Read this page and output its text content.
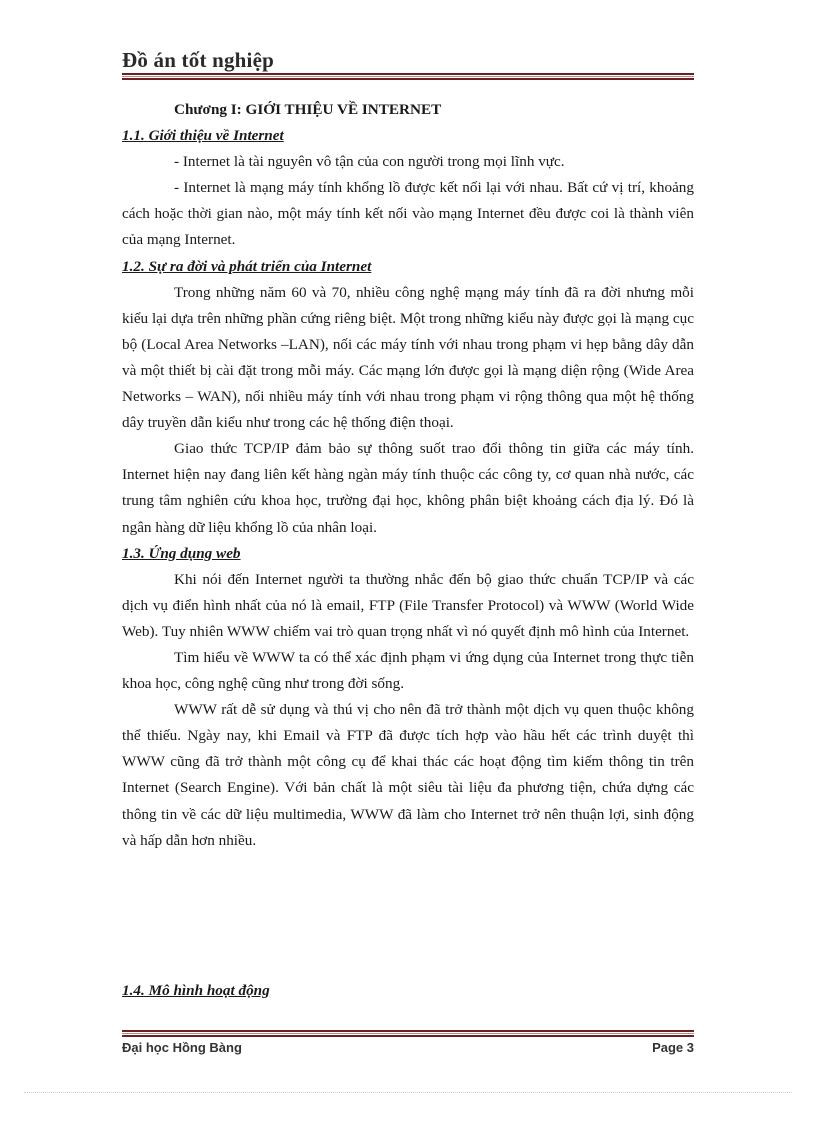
Đồ án tốt nghiệp

Chương I: GIỚI THIỆU VỀ INTERNET

1.1. Giới thiệu về Internet

- Internet là tài nguyên vô tận của con người trong mọi lĩnh vực.

- Internet là mạng máy tính khổng lồ được kết nối lại với nhau. Bất cứ vị trí, khoảng cách hoặc thời gian nào, một máy tính kết nối vào mạng Internet đều được coi là thành viên của mạng Internet.

1.2. Sự ra đời và phát triển của Internet

Trong những năm 60 và 70, nhiều công nghệ mạng máy tính đã ra đời nhưng mỗi kiểu lại dựa trên những phần cứng riêng biệt. Một trong những kiểu này được gọi là mạng cục bộ (Local Area Networks –LAN), nối các máy tính với nhau trong phạm vi hẹp bằng dây dẫn và một thiết bị cài đặt trong mỗi máy. Các mạng lớn được gọi là mạng diện rộng (Wide Area Networks – WAN), nối nhiều máy tính với nhau trong phạm vi rộng thông qua một hệ thống dây truyền dẫn kiểu như trong các hệ thống điện thoại.

Giao thức TCP/IP đảm bảo sự thông suốt trao đổi thông tin giữa các máy tính. Internet hiện nay đang liên kết hàng ngàn máy tính thuộc các công ty, cơ quan nhà nước, các trung tâm nghiên cứu khoa học, trường đại học, không phân biệt khoảng cách địa lý. Đó là ngân hàng dữ liệu khổng lồ của nhân loại.

1.3. Ứng dụng web

Khi nói đến Internet người ta thường nhắc đến bộ giao thức chuẩn TCP/IP và các dịch vụ điển hình nhất của nó là email, FTP (File Transfer Protocol) và WWW (World Wide Web). Tuy nhiên WWW chiếm vai trò quan trọng nhất vì nó quyết định mô hình của Internet.

Tìm hiểu về WWW ta có thể xác định phạm vi ứng dụng của Internet trong thực tiễn khoa học, công nghệ cũng như trong đời sống.

WWW rất dễ sử dụng và thú vị cho nên đã trở thành một dịch vụ quen thuộc không thể thiếu. Ngày nay, khi Email và FTP đã được tích hợp vào hầu hết các trình duyệt thì WWW cũng đã trở thành một công cụ để khai thác các hoạt động tìm kiếm thông tin trên Internet (Search Engine). Với bản chất là một siêu tài liệu đa phương tiện, chứa dựng các thông tin về các dữ liệu multimedia, WWW đã làm cho Internet trở nên thuận lợi, sinh động và hấp dẫn hơn nhiều.

1.4. Mô hình hoạt động

Đại học Hồng Bàng	Page 3
